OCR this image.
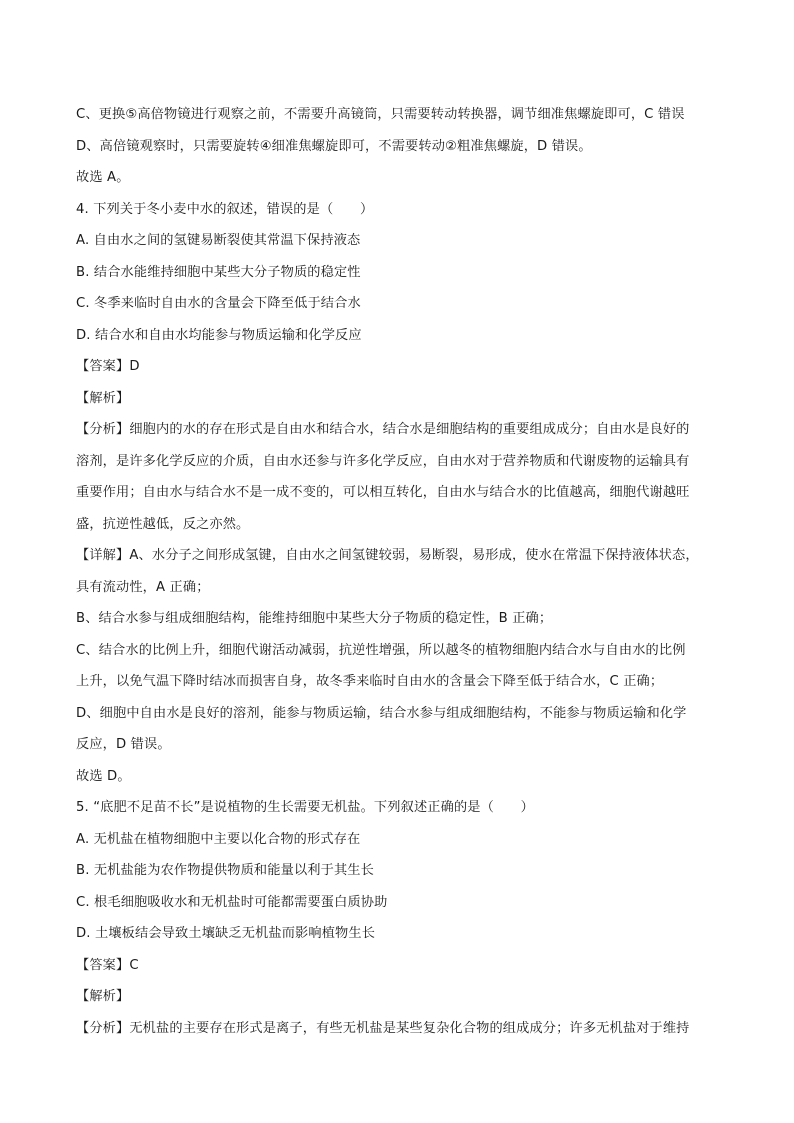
C、更换⑤高倍物镜进行观察之前，不需要升高镜筒，只需要转动转换器，调节细准焦螺旋即可，C 错误
D、高倍镜观察时，只需要旋转④细准焦螺旋即可，不需要转动②粗准焦螺旋，D 错误。
故选 A。
4. 下列关于冬小麦中水的叙述，错误的是（　　）
A. 自由水之间的氢键易断裂使其常温下保持液态
B. 结合水能维持细胞中某些大分子物质的稳定性
C. 冬季来临时自由水的含量会下降至低于结合水
D. 结合水和自由水均能参与物质运输和化学反应
【答案】D
【解析】
【分析】细胞内的水的存在形式是自由水和结合水，结合水是细胞结构的重要组成成分；自由水是良好的
溶剂，是许多化学反应的介质，自由水还参与许多化学反应，自由水对于营养物质和代谢废物的运输具有
重要作用；自由水与结合水不是一成不变的，可以相互转化，自由水与结合水的比值越高，细胞代谢越旺
盛，抗逆性越低，反之亦然。
【详解】A、水分子之间形成氢键，自由水之间氢键较弱，易断裂，易形成，使水在常温下保持液体状态，
具有流动性，A 正确；
B、结合水参与组成细胞结构，能维持细胞中某些大分子物质的稳定性，B 正确；
C、结合水的比例上升，细胞代谢活动减弱，抗逆性增强，所以越冬的植物细胞内结合水与自由水的比例
上升，以免气温下降时结冰而损害自身，故冬季来临时自由水的含量会下降至低于结合水，C 正确；
D、细胞中自由水是良好的溶剂，能参与物质运输，结合水参与组成细胞结构，不能参与物质运输和化学
反应，D 错误。
故选 D。
5. “底肥不足苗不长”是说植物的生长需要无机盐。下列叙述正确的是（　　）
A. 无机盐在植物细胞中主要以化合物的形式存在
B. 无机盐能为农作物提供物质和能量以利于其生长
C. 根毛细胞吸收水和无机盐时可能都需要蛋白质协助
D. 土壤板结会导致土壤缺乏无机盐而影响植物生长
【答案】C
【解析】
【分析】无机盐的主要存在形式是离子，有些无机盐是某些复杂化合物的组成成分；许多无机盐对于维持
